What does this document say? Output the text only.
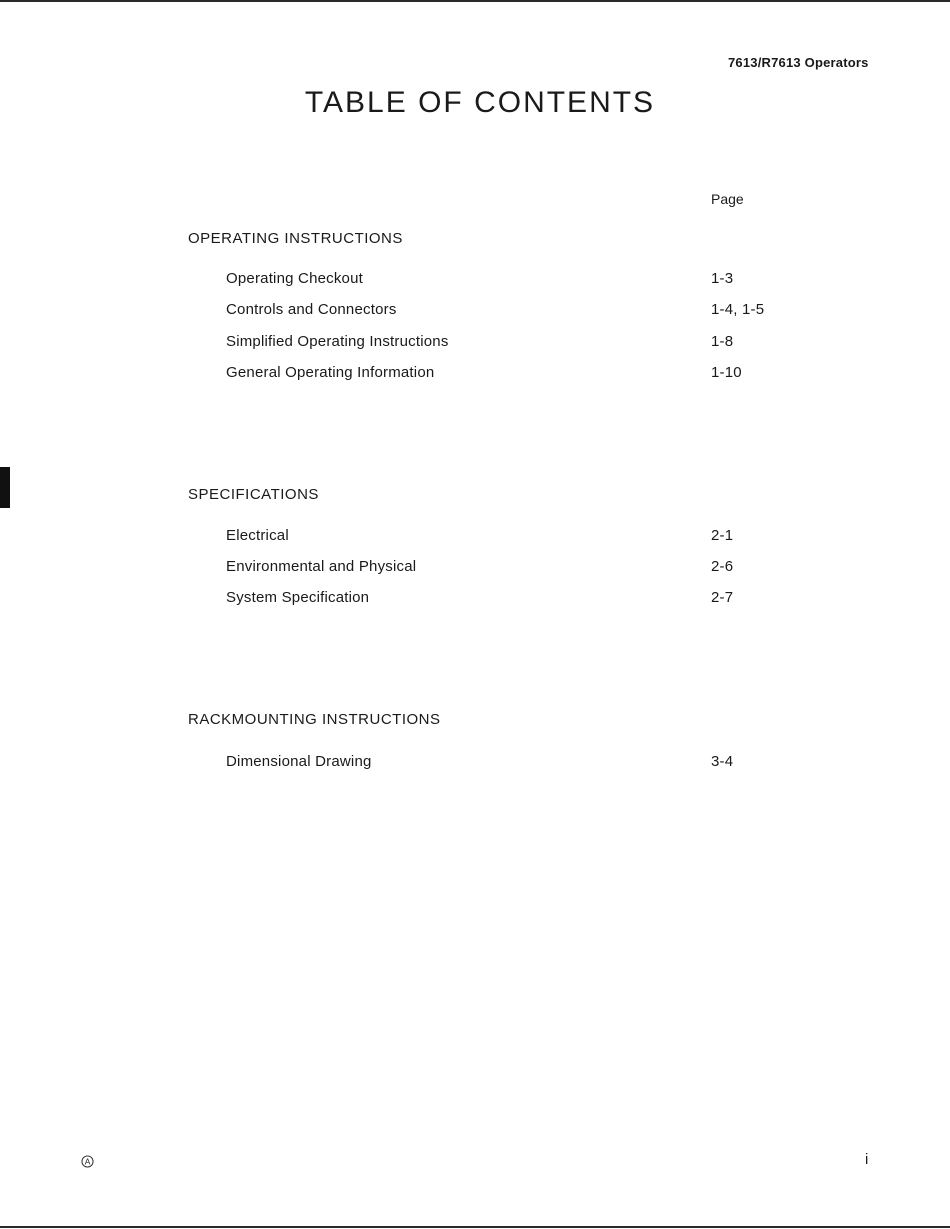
7613/R7613 Operators
TABLE OF CONTENTS
Page
OPERATING INSTRUCTIONS
Operating Checkout	1-3
Controls and Connectors	1-4, 1-5
Simplified Operating Instructions	1-8
General Operating Information	1-10
SPECIFICATIONS
Electrical	2-1
Environmental and Physical	2-6
System Specification	2-7
RACKMOUNTING INSTRUCTIONS
Dimensional Drawing	3-4
A	i
